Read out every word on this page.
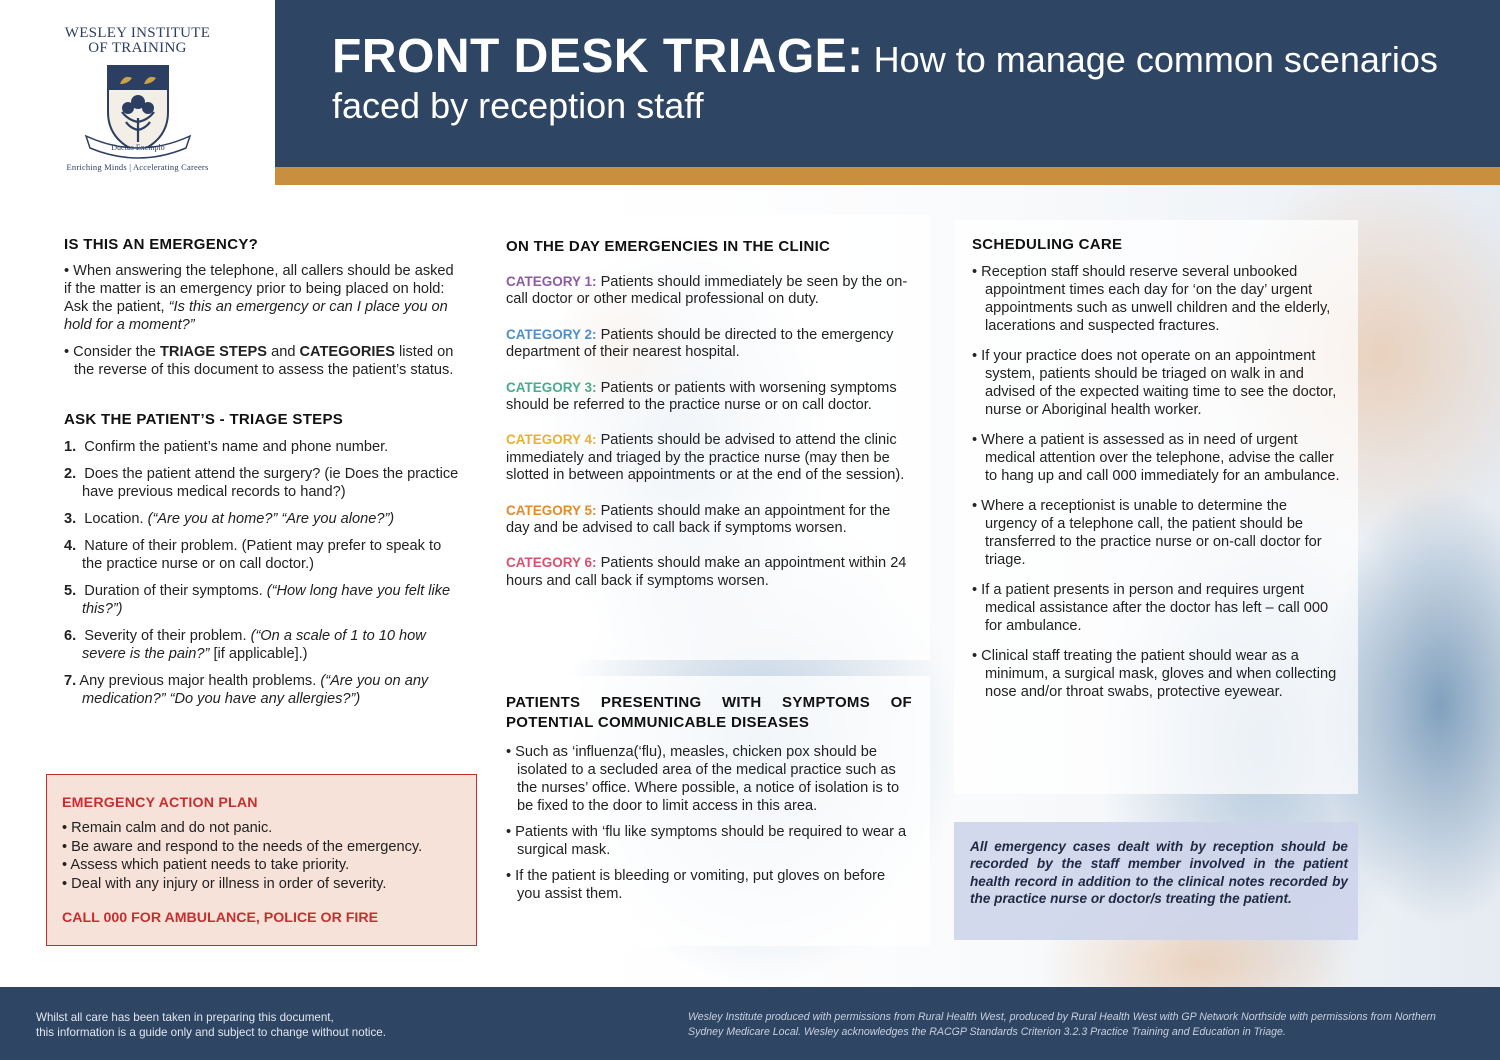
WESLEY INSTITUTE
OF TRAINING
Ductus Exemplo
Enriching Minds | Accelerating Careers
FRONT DESK TRIAGE: How to manage common scenarios faced by reception staff
IS THIS AN EMERGENCY?

• When answering the telephone, all callers should be asked if the matter is an emergency prior to being placed on hold: Ask the patient, “Is this an emergency or can I place you on hold for a moment?”

• Consider the TRIAGE STEPS and CATEGORIES listed on the reverse of this document to assess the patient’s status.

ASK THE PATIENT’S - TRIAGE STEPS
1. Confirm the patient’s name and phone number.
2. Does the patient attend the surgery? (ie Does the practice have previous medical records to hand?)
3. Location. (“Are you at home?” “Are you alone?”)
4. Nature of their problem. (Patient may prefer to speak to the practice nurse or on call doctor.)
5. Duration of their symptoms. (“How long have you felt like this?”)
6. Severity of their problem. (“On a scale of 1 to 10 how severe is the pain?” [if applicable].)
7. Any previous major health problems. (“Are you on any medication?” “Do you have any allergies?”)
EMERGENCY ACTION PLAN
• Remain calm and do not panic.
• Be aware and respond to the needs of the emergency.
• Assess which patient needs to take priority.
• Deal with any injury or illness in order of severity.
CALL 000 FOR AMBULANCE, POLICE OR FIRE
ON THE DAY EMERGENCIES IN THE CLINIC

CATEGORY 1: Patients should immediately be seen by the on-call doctor or other medical professional on duty.

CATEGORY 2: Patients should be directed to the emergency department of their nearest hospital.

CATEGORY 3: Patients or patients with worsening symptoms should be referred to the practice nurse or on call doctor.

CATEGORY 4: Patients should be advised to attend the clinic immediately and triaged by the practice nurse (may then be slotted in between appointments or at the end of the session).

CATEGORY 5: Patients should make an appointment for the day and be advised to call back if symptoms worsen.

CATEGORY 6: Patients should make an appointment within 24 hours and call back if symptoms worsen.

PATIENTS PRESENTING WITH SYMPTOMS OF
POTENTIAL COMMUNICABLE DISEASES
• Such as ‘influenza(‘flu), measles, chicken pox should be isolated to a secluded area of the medical practice such as the nurses’ office. Where possible, a notice of isolation is to be fixed to the door to limit access in this area.
• Patients with ‘flu like symptoms should be required to wear a surgical mask.
• If the patient is bleeding or vomiting, put gloves on before you assist them.
SCHEDULING CARE
• Reception staff should reserve several unbooked appointment times each day for ‘on the day’ urgent appointments such as unwell children and the elderly, lacerations and suspected fractures.
• If your practice does not operate on an appointment system, patients should be triaged on walk in and advised of the expected waiting time to see the doctor, nurse or Aboriginal health worker.
• Where a patient is assessed as in need of urgent medical attention over the telephone, advise the caller to hang up and call 000 immediately for an ambulance.
• Where a receptionist is unable to determine the urgency of a telephone call, the patient should be transferred to the practice nurse or on-call doctor for triage.
• If a patient presents in person and requires urgent medical assistance after the doctor has left – call 000 for ambulance.
• Clinical staff treating the patient should wear as a minimum, a surgical mask, gloves and when collecting nose and/or throat swabs, protective eyewear.

All emergency cases dealt with by reception should be recorded by the staff member involved in the patient health record in addition to the clinical notes recorded by the practice nurse or doctor/s treating the patient.

Whilst all care has been taken in preparing this document,
this information is a guide only and subject to change without notice.
Wesley Institute produced with permissions from Rural Health West, produced by Rural Health West with GP Network Northside with permissions from Northern Sydney Medicare Local. Wesley acknowledges the RACGP Standards Criterion 3.2.3 Practice Training and Education in Triage.
